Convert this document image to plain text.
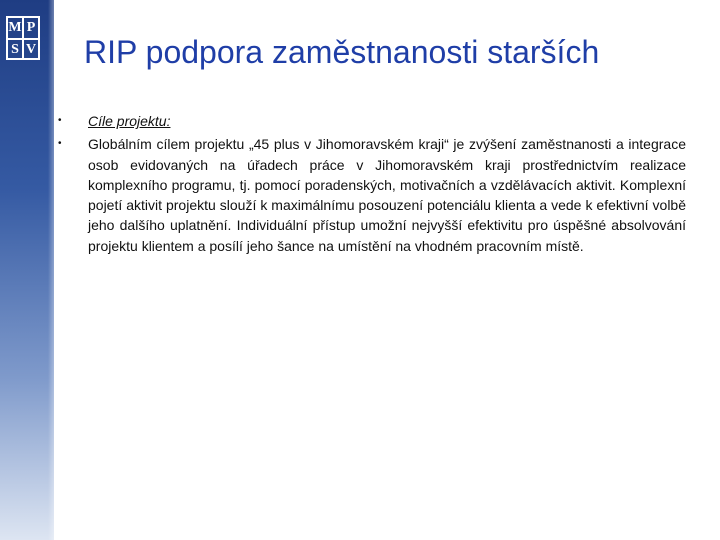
M P
S V RIP podpora zaměstnanosti starších
• Cíle projektu:
• Globálním cílem projektu „45 plus v Jihomoravském kraji“ je zvýšení zaměstnanosti a integrace osob evidovaných na úřadech práce v Jihomoravském kraji prostřednictvím realizace komplexního programu, tj. pomocí poradenských, motivačních a vzdělávacích aktivit. Komplexní pojetí aktivit projektu slouží k maximálnímu posouzení potenciálu klienta a vede k efektivní volbě jeho dalšího uplatnění. Individuální přístup umožní nejvyšší efektivitu pro úspěšné absolvování projektu klientem a posílí jeho šance na umístění na vhodném pracovním místě.
